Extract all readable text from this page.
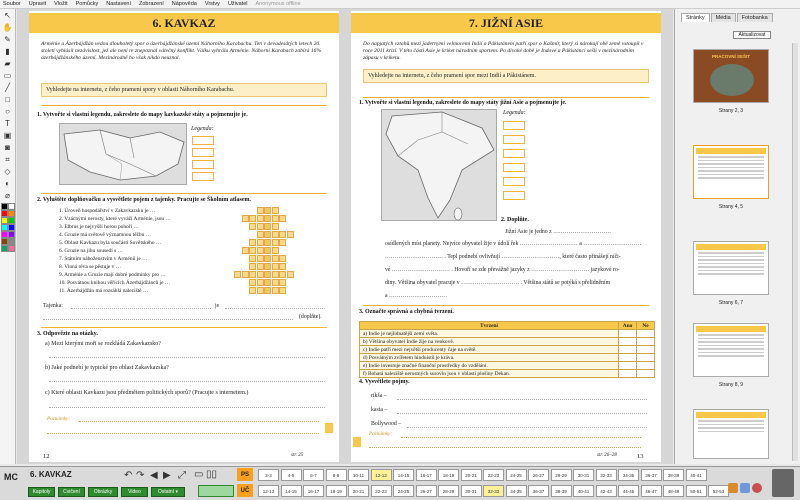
Soubor Upravit Vložit Pomůcky Nastavení Zobrazení Nápověda Vrstvy Uživatel Anonymous offline
↖
✋
✎
▮
▰
▭
╱
□
○
T
▣
◙
⌗
◇
◐
⌀
6. KAVKAZ
Arménie a Ázerbájdžán vedou dlouholetý spor o ázerbájdžánské území Náhorního Karabachu. Ten v devadesátých letech 20. století vyhlásil nezávislost, jež ale není re znepoznal válečný konflikt. Válku vyhrála Arménie. Náhorní Karabach zabírá 16% ázerbájdžánského území. Mezinárodně ho však nikdo neuznal.
Vyhledejte na internetu, z čeho pramení spory v oblasti Náhorního Karabachu.
1. Vytvořte si vlastní legendu, zakreslete do mapy kavkazské státy a pojmenujte je.
Legenda:
2. Vyluštěte doplňovačku a vysvětlete pojem z tajenky. Pracujte se Školním atlasem.
1. Úroveň hospodářství v Zakavkazsku je …
2. Vzácnými nerosty, které vyváží Arménie, jsou …
3. Elbrus je nejvyšší horou pohoří …
4. Gruzie má světově významnou těžbu …
5. Oblast Kavkazu byla součástí Sovětského …
6. Gruzie na jihu sousedí s …
7. Státním náboženstvím v Arménii je …
8. Vinná réva se pěstuje v …
9. Arménie a Gruzie mají dobré podmínky pro …
10. Posvátnou knihou věřících Ázerbájdžánců je …
11. Ázerbájdžán má rozsáhlá naleziště …
Tajenka:	je
(doplňte).
3. Odpovězte na otázky.
a) Mezi kterými moři se rozkládá Zakavkazsko?
b) Jaké podnebí je typické pro oblast Zakavkazska?
c) Které oblasti Kavkazu jsou předmětem politických sporů? (Pracujte s internetem.)
Poznámky:
12	str. 25
7. JIŽNÍ ASIE
Do napjatých vztahů mezi jadernými velmocemi Indií a Pákistánem patří spor o Kašmír, který si nárokují obě země vstoupil v roce 2011 krizi. V této části Asie je kriket národním sportem. Po divoké době je Indové a Pákistánci sešli v mezinárodním zápasu v kriketu.
Vyhledejte na internetu, z čeho pramení spor mezi Indií a Pákistánem.
1. Vytvořte si vlastní legendu, zakreslete do mapy státy jižní Asie a pojmenujte je.
Legenda:
2. Doplňte.
Jižní Asie je jedno z …………………………
osídlených míst planety. Nejvíce obyvatel žije v údolí řek ………………………… a …………………………
………………………… . Tepl podnebí ovlivňují …………………………, které často přinášejí níči-
vé ………………………… . Hovoří se zde převážně jazyky z ………………………… jazykové ro-
diny. Většina obyvatel pracuje v ………………………… . Většina států se potýká s přelidněním
a …………………………
3. Označte správná a chybná tvrzení.
Tvrzení	Ano	Ne
a) Indie je nejlidnatější zemí světa.		
b) Většina obyvatel Indie žije na venkově.		
c) Indie patří mezi největší producenty čaje na světě.		
d) Posvátným zvířetem hinduistů je kráva.		
e) Indie investuje značné finanční prostředky do vzdělání.		
f) Bohatá naleziště nerostných surovin jsou v oblasti plošiny Dekan.		
4. Vysvětlete pojmy.
rikša –
kasta –
Bollywood –
Poznámky:
str. 26–28	13
Stránky	Média	Fotobanka
Aktualizovat
PRACOVNÍ SEŠIT
Strany 2, 3
Strany 4, 5
Strany 6, 7
Strany 8, 9
MC 6. KAVKAZ
Kapitoly	Cvičení	Obrázky	Video	Ostatní ▾
↶ ↷ ◀ ▶ ⤢ ▭ ▯▯	PS
UČ
2-3	4-5	6-7	8-9	10-11	12-13	14-15	16-17	18-19	20-21	22-23	24-25	26-27	28-29	30-31	32-33	34-35	36-37	38-39	40-41
12-13	14-15	16-17	18-19	20-21	22-23	24-25	26-27	28-29	30-31	32-33	34-35	36-37	38-39	40-41	42-43	44-45	46-47	48-49	50-51	52-53
